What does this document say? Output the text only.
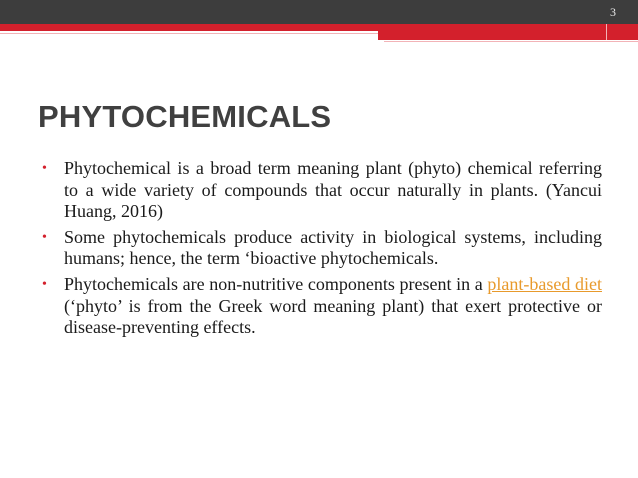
3
PHYTOCHEMICALS
• Phytochemical is a broad term meaning plant (phyto) chemical referring to a wide variety of compounds that occur naturally in plants. (Yancui Huang, 2016)
• Some phytochemicals produce activity in biological systems, including humans; hence, the term ‘bioactive phytochemicals.
• Phytochemicals are non-nutritive components present in a plant-based diet (‘phyto’ is from the Greek word meaning plant) that exert protective or disease-preventing effects.
